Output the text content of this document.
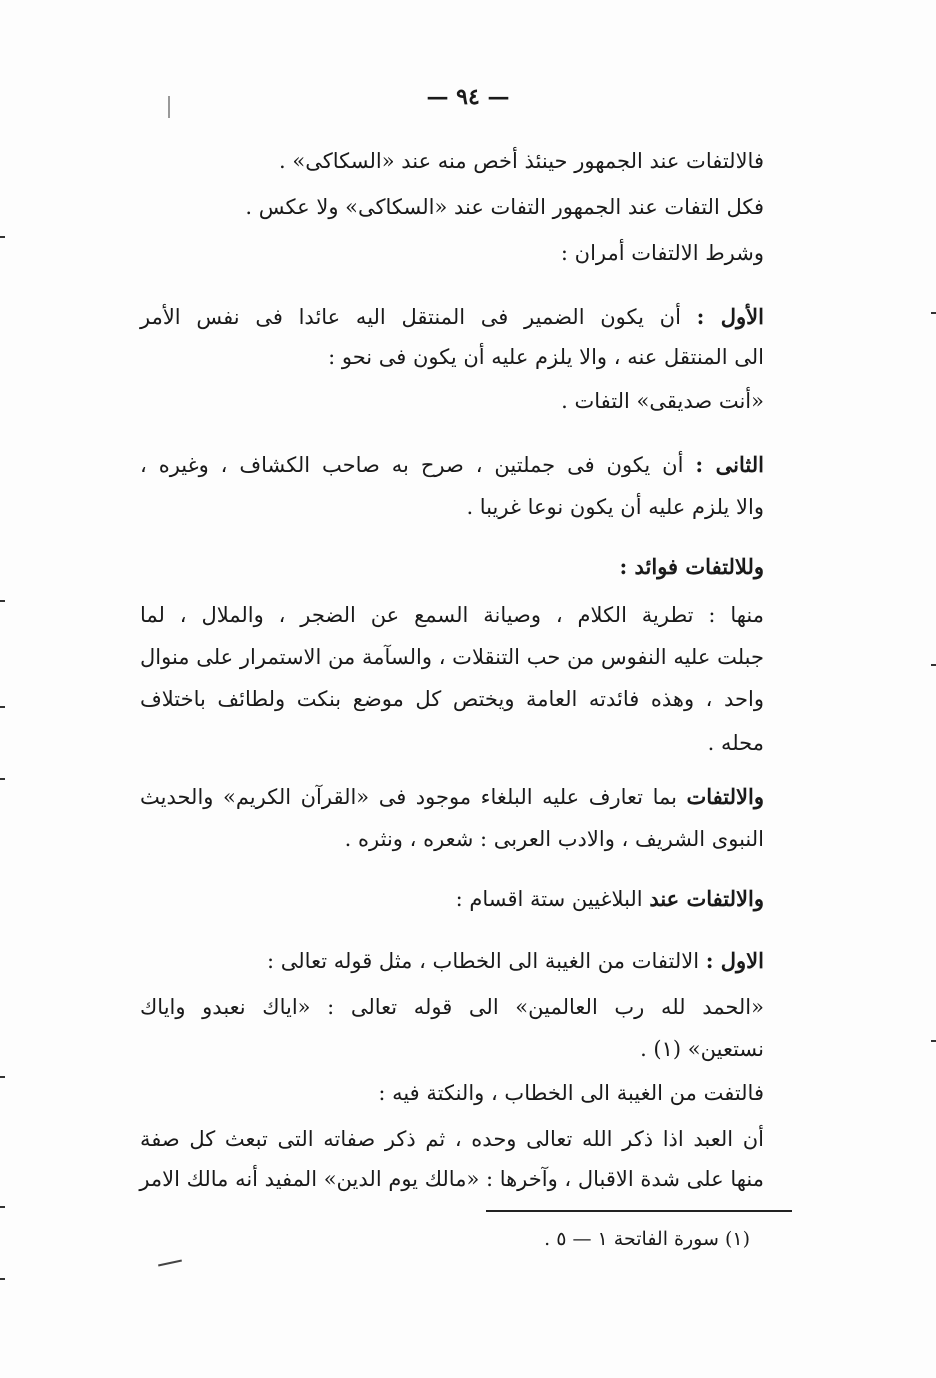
— ٩٤ —
فالالتفات عند الجمهور حينئذ أخص منه عند «السكاكى» .
فكل التفات عند الجمهور التفات عند «السكاكى» ولا عكس .
وشرط الالتفات أمران :
الأول : أن يكون الضمير فى المنتقل اليه عائدا فى نفس الأمر
الى المنتقل عنه ، والا يلزم عليه أن يكون فى نحو :
«أنت صديقى» التفات .
الثانى : أن يكون فى جملتين ، صرح به صاحب الكشاف ، وغيره ،
والا يلزم عليه أن يكون نوعا غريبا .
وللالتفات فوائد :
منها : تطرية الكلام ، وصيانة السمع عن الضجر ، والملال ، لما
جبلت عليه النفوس من حب التنقلات ، والسآمة من الاستمرار على منوال
واحد ، وهذه فائدته العامة ويختص كل موضع بنكت ولطائف باختلاف
محله .
والالتفات بما تعارف عليه البلغاء موجود فى «القرآن الكريم» والحديث
النبوى الشريف ، والادب العربى : شعره ، ونثره .
والالتفات عند البلاغيين ستة اقسام :
الاول : الالتفات من الغيبة الى الخطاب ، مثل قوله تعالى :
«الحمد لله رب العالمين» الى قوله تعالى : «اياك نعبدو واياك
نستعين» (١) .
فالتفت من الغيبة الى الخطاب ، والنكتة فيه :
أن العبد اذا ذكر الله تعالى وحده ، ثم ذكر صفاته التى تبعث كل صفة
منها على شدة الاقبال ، وآخرها : «مالك يوم الدين» المفيد أنه مالك الامر
(١) سورة الفاتحة ١ — ٥ .
